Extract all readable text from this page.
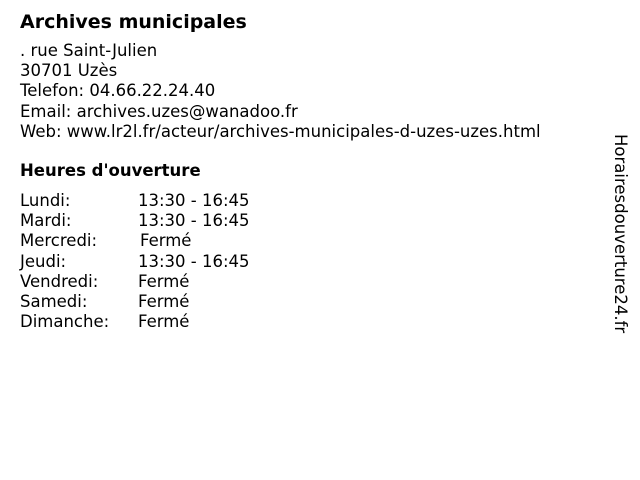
Archives municipales
. rue Saint-Julien
30701 Uzès
Telefon: 04.66.22.24.40
Email: archives.uzes@wanadoo.fr
Web: www.lr2l.fr/acteur/archives-municipales-d-uzes-uzes.html
Heures d'ouverture
Lundi:	13:30 - 16:45
Mardi:	13:30 - 16:45
Mercredi:	Fermé
Jeudi:	13:30 - 16:45
Vendredi:	Fermé
Samedi:	Fermé
Dimanche:	Fermé	Horairesdouverture24.fr
